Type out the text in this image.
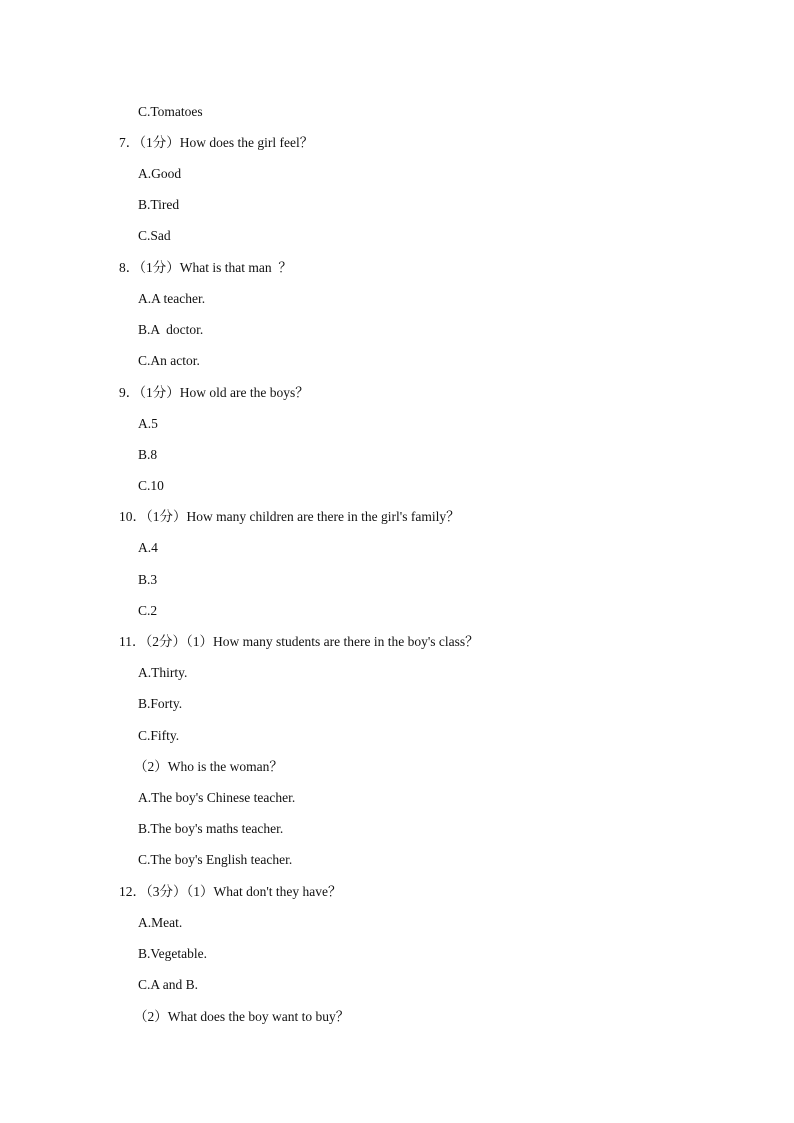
C.Tomatoes
7．（1分）How does the girl feel？
A.Good
B.Tired
C.Sad
8．（1分）What is that man  ？
A.A teacher.
B.A  doctor.
C.An actor.
9．（1分）How old are the boys？
A.5
B.8
C.10
10．（1分）How many children are there in the girl's family？
A.4
B.3
C.2
11．（2分）（1）How many students are there in the boy's class？
A.Thirty.
B.Forty.
C.Fifty.
（2）Who is the woman？
A.The boy's Chinese teacher.
B.The boy's maths teacher.
C.The boy's English teacher.
12．（3分）（1）What don't they have？
A.Meat.
B.Vegetable.
C.A and B.
（2）What does the boy want to buy？
